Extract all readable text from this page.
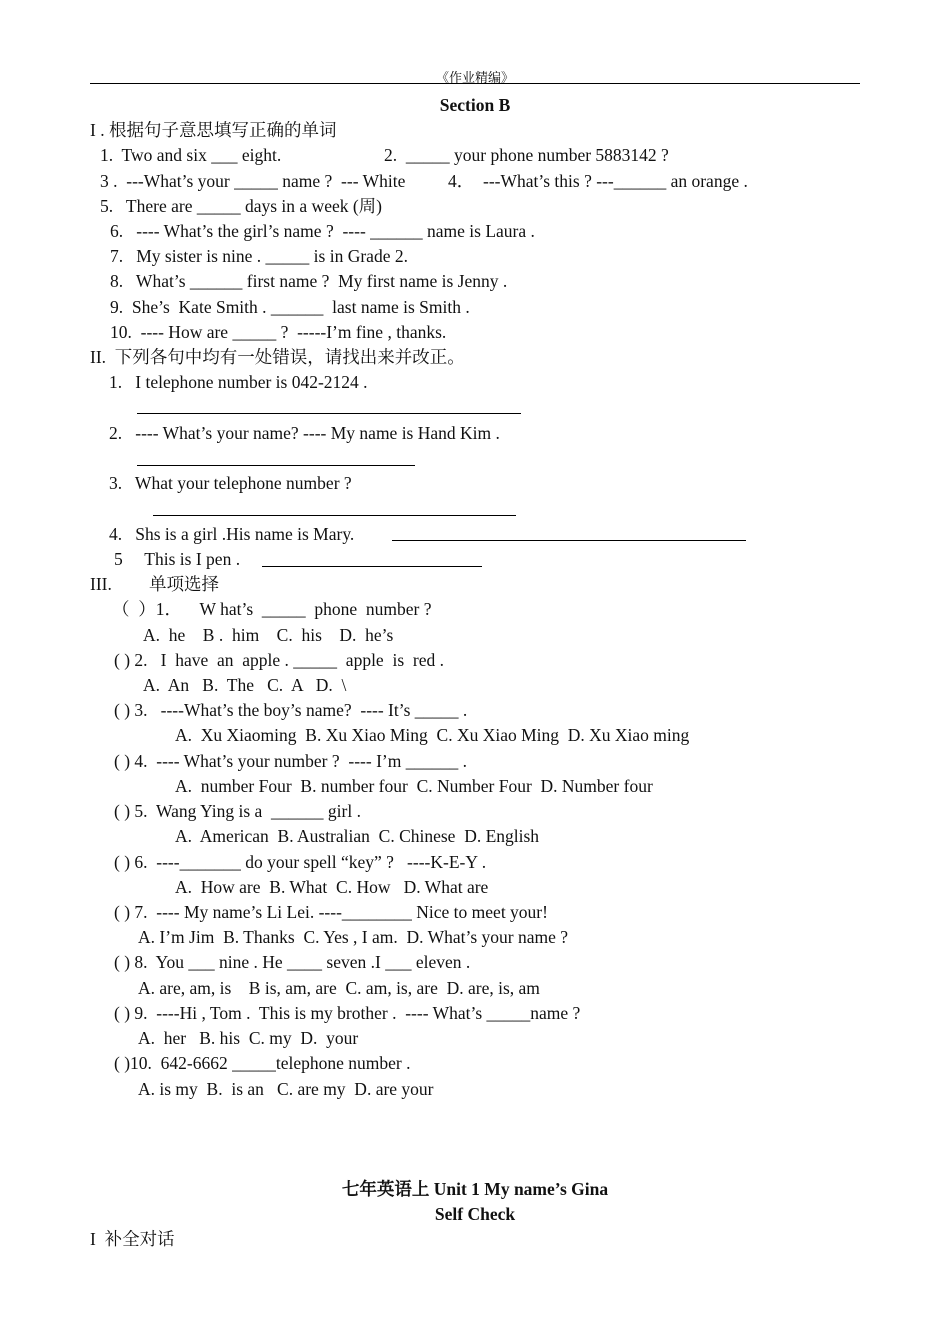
《作业精编》
Section B
I . 根据句子意思填写正确的单词
1.  Two and six ___ eight.	2.  _____ your phone number 5883142 ?
3 .  ---What’s your _____ name ?  --- White 4．  ---What’s this ? ---______ an orange .
5.   There are _____ days in a week (周)
6.   ---- What’s the girl’s name ?  ---- ______ name is Laura .
7.   My sister is nine . _____ is in Grade 2.
8.   What’s ______ first name ?  My first name is Jenny .
9.  She’s  Kate Smith . ______  last name is Smith .
10.  ---- How are _____ ?  -----I’m fine , thanks.
II.  下列各句中均有一处错误，请找出来并改正。
1.   I telephone number is 042-2124 .
2.   ---- What’s your name? ---- My name is Hand Kim .
3.   What your telephone number ?
4.   Shs is a girl .His name is Mary.
5     This is I pen .
III. 单项选择
（  ）1．    W hat’s  _____  phone  number ?
A.  he    B .  him    C.  his    D.  he’s
( ) 2.   I  have  an  apple . _____  apple  is  red .
A.  An   B.  The   C.  A   D.  \
( ) 3.   ----What’s the boy’s name?  ---- It’s _____ .
A.  Xu Xiaoming  B. Xu Xiao Ming  C. Xu Xiao Ming  D. Xu Xiao ming
( ) 4.  ---- What’s your number ?  ---- I’m ______ .
A.  number Four  B. number four  C. Number Four  D. Number four
( ) 5.  Wang Ying is a  ______ girl .
A.  American  B. Australian  C. Chinese  D. English
( ) 6.  ----_______ do your spell “key” ?   ----K-E-Y .
A.  How are  B. What  C. How   D. What are
( ) 7.  ---- My name’s Li Lei. ----________ Nice to meet your!
A. I’m Jim  B. Thanks  C. Yes , I am.  D. What’s your name ?
( ) 8.  You ___ nine . He ____ seven .I ___ eleven .
A. are, am, is    B is, am, are  C. am, is, are  D. are, is, am
( ) 9.  ----Hi , Tom .  This is my brother .  ---- What’s _____name ?
A.  her   B. his  C. my  D.  your
( )10.  642-6662 _____telephone number .
A. is my  B.  is an   C. are my  D. are your
七年英语上 Unit 1 My name’s Gina
Self Check
I  补全对话
